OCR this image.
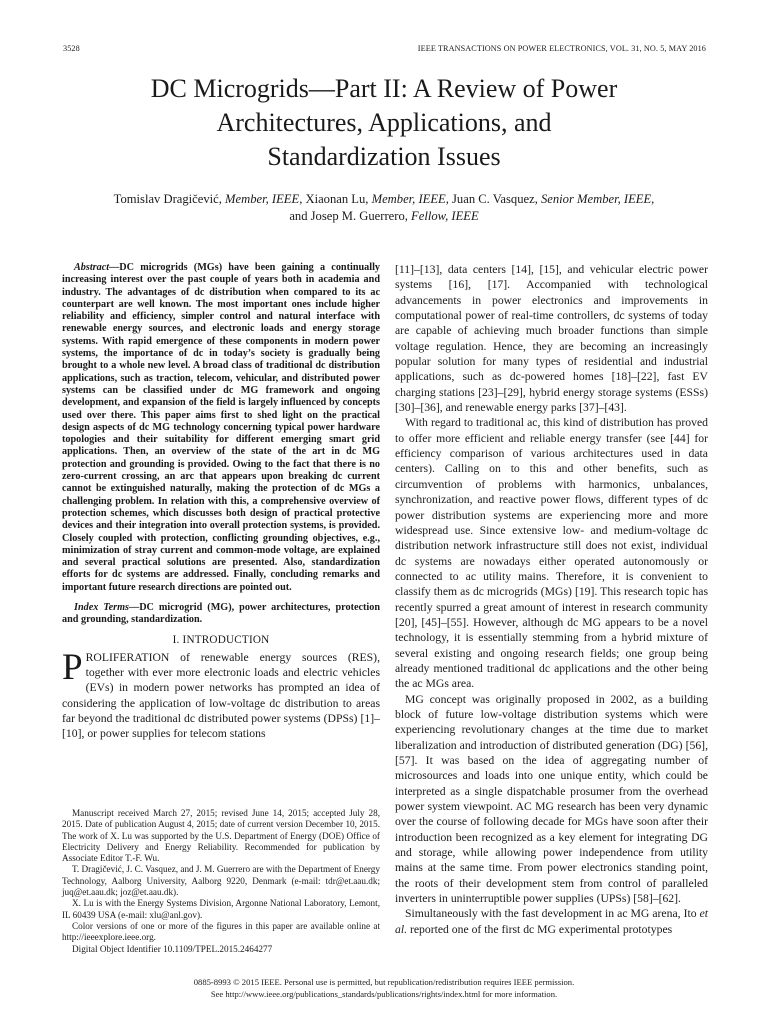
3528	IEEE TRANSACTIONS ON POWER ELECTRONICS, VOL. 31, NO. 5, MAY 2016
DC Microgrids—Part II: A Review of Power
Architectures, Applications, and
Standardization Issues
Tomislav Dragičević, Member, IEEE, Xiaonan Lu, Member, IEEE, Juan C. Vasquez, Senior Member, IEEE,
and Josep M. Guerrero, Fellow, IEEE

Abstract—DC microgrids (MGs) have been gaining a continually increasing interest over the past couple of years both in academia and industry. The advantages of dc distribution when compared to its ac counterpart are well known. The most important ones include higher reliability and efficiency, simpler control and natural interface with renewable energy sources, and electronic loads and energy storage systems. With rapid emergence of these components in modern power systems, the importance of dc in today’s society is gradually being brought to a whole new level. A broad class of traditional dc distribution applications, such as traction, telecom, vehicular, and distributed power systems can be classified under dc MG framework and ongoing development, and expansion of the field is largely influenced by concepts used over there. This paper aims first to shed light on the practical design aspects of dc MG technology concerning typical power hardware topologies and their suitability for different emerging smart grid applications. Then, an overview of the state of the art in dc MG protection and grounding is provided. Owing to the fact that there is no zero-current crossing, an arc that appears upon breaking dc current cannot be extinguished naturally, making the protection of dc MGs a challenging problem. In relation with this, a comprehensive overview of protection schemes, which discusses both design of practical protective devices and their integration into overall protection systems, is provided. Closely coupled with protection, conflicting grounding objectives, e.g., minimization of stray current and common-mode voltage, are explained and several practical solutions are presented. Also, standardization efforts for dc systems are addressed. Finally, concluding remarks and important future research directions are pointed out.

Index Terms—DC microgrid (MG), power architectures, protection and grounding, standardization.

I. INTRODUCTION

PROLIFERATION of renewable energy sources (RES), together with ever more electronic loads and electric vehicles (EVs) in modern power networks has prompted an idea of considering the application of low-voltage dc distribution to areas far beyond the traditional dc distributed power systems (DPSs) [1]–[10], or power supplies for telecom stations

Manuscript received March 27, 2015; revised June 14, 2015; accepted July 28, 2015. Date of publication August 4, 2015; date of current version December 10, 2015. The work of X. Lu was supported by the U.S. Department of Energy (DOE) Office of Electricity Delivery and Energy Reliability. Recommended for publication by Associate Editor T.-F. Wu.

T. Dragičević, J. C. Vasquez, and J. M. Guerrero are with the Department of Energy Technology, Aalborg University, Aalborg 9220, Denmark (e-mail: tdr@et.aau.dk; juq@et.aau.dk; joz@et.aau.dk).

X. Lu is with the Energy Systems Division, Argonne National Laboratory, Lemont, IL 60439 USA (e-mail: xlu@anl.gov).

Color versions of one or more of the figures in this paper are available online at http://ieeexplore.ieee.org.

Digital Object Identifier 10.1109/TPEL.2015.2464277

[11]–[13], data centers [14], [15], and vehicular electric power systems [16], [17]. Accompanied with technological advancements in power electronics and improvements in computational power of real-time controllers, dc systems of today are capable of achieving much broader functions than simple voltage regulation. Hence, they are becoming an increasingly popular solution for many types of residential and industrial applications, such as dc-powered homes [18]–[22], fast EV charging stations [23]–[29], hybrid energy storage systems (ESSs) [30]–[36], and renewable energy parks [37]–[43].

With regard to traditional ac, this kind of distribution has proved to offer more efficient and reliable energy transfer (see [44] for efficiency comparison of various architectures used in data centers). Calling on to this and other benefits, such as circumvention of problems with harmonics, unbalances, synchronization, and reactive power flows, different types of dc power distribution systems are experiencing more and more widespread use. Since extensive low- and medium-voltage dc distribution network infrastructure still does not exist, individual dc systems are nowadays either operated autonomously or connected to ac utility mains. Therefore, it is convenient to classify them as dc microgrids (MGs) [19]. This research topic has recently spurred a great amount of interest in research community [20], [45]–[55]. However, although dc MG appears to be a novel technology, it is essentially stemming from a hybrid mixture of several existing and ongoing research fields; one group being already mentioned traditional dc applications and the other being the ac MGs area.

MG concept was originally proposed in 2002, as a building block of future low-voltage distribution systems which were experiencing revolutionary changes at the time due to market liberalization and introduction of distributed generation (DG) [56], [57]. It was based on the idea of aggregating number of microsources and loads into one unique entity, which could be interpreted as a single dispatchable prosumer from the overhead power system viewpoint. AC MG research has been very dynamic over the course of following decade for MGs have soon after their introduction been recognized as a key element for integrating DG and storage, while allowing power independence from utility mains at the same time. From power electronics standing point, the roots of their development stem from control of paralleled inverters in uninterruptible power supplies (UPSs) [58]–[62].

Simultaneously with the fast development in ac MG arena, Ito et al. reported one of the first dc MG experimental prototypes

0885-8993 © 2015 IEEE. Personal use is permitted, but republication/redistribution requires IEEE permission.
See http://www.ieee.org/publications_standards/publications/rights/index.html for more information.
